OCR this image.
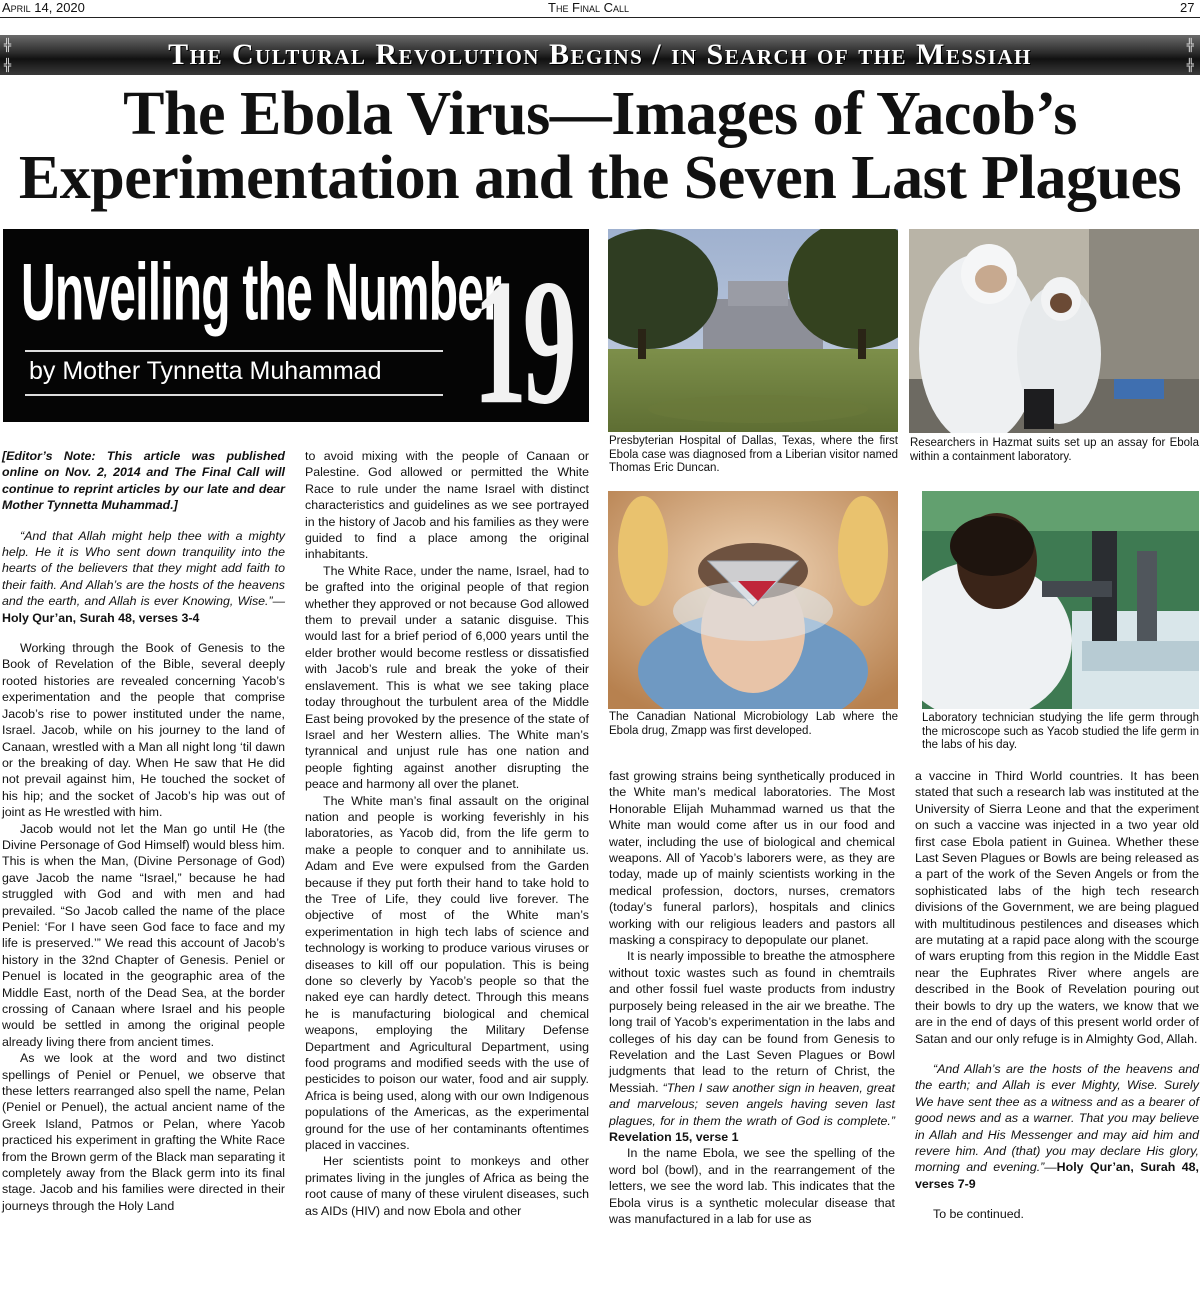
April 14, 2020	The Final Call	27
╬
╬
╬
╬
The Cultural Revolution Begins / in Search of the Messiah
The Ebola Virus—Images of Yacob’s
Experimentation and the Seven Last Plagues
Unveiling the Number
by Mother Tynnetta Muhammad 19	Presbyterian Hospital of Dallas, Texas, where the first Ebola case was diagnosed from a Liberian visitor named Thomas Eric Duncan.
Researchers in Hazmat suits set up an assay for Ebola within a containment laboratory.
The Canadian National Microbiology Lab where the Ebola drug, Zmapp was first developed.
Laboratory technician studying the life germ through the microscope such as Yacob studied the life germ in the labs of his day.

[Editor’s Note: This article was published online on Nov. 2, 2014 and The Final Call will continue to reprint articles by our late and dear Mother Tynnetta Muhammad.]

“And that Allah might help thee with a mighty help. He it is Who sent down tranquility into the hearts of the believers that they might add faith to their faith. And Allah’s are the hosts of the heavens and the earth, and Allah is ever Knowing, Wise.”—Holy Qur’an, Surah 48, verses 3-4

Working through the Book of Genesis to the Book of Revelation of the Bible, several deeply rooted histories are revealed concerning Yacob’s experimentation and the people that comprise Jacob’s rise to power instituted under the name, Israel. Jacob, while on his journey to the land of Canaan, wrestled with a Man all night long ‘til dawn or the breaking of day. When He saw that He did not prevail against him, He touched the socket of his hip; and the socket of Jacob’s hip was out of joint as He wrestled with him.

Jacob would not let the Man go until He (the Divine Personage of God Himself) would bless him. This is when the Man, (Divine Personage of God) gave Jacob the name “Israel,” because he had struggled with God and with men and had prevailed. “So Jacob called the name of the place Peniel: ‘For I have seen God face to face and my life is preserved.’” We read this account of Jacob’s history in the 32nd Chapter of Genesis. Peniel or Penuel is located in the geographic area of the Middle East, north of the Dead Sea, at the border crossing of Canaan where Israel and his people would be settled in among the original people already living there from ancient times.

As we look at the word and two distinct spellings of Peniel or Penuel, we observe that these letters rearranged also spell the name, Pelan (Peniel or Penuel), the actual ancient name of the Greek Island, Patmos or Pelan, where Yacob practiced his experiment in grafting the White Race from the Brown germ of the Black man separating it completely away from the Black germ into its final stage. Jacob and his families were directed in their journeys through the Holy Land

to avoid mixing with the people of Canaan or Palestine. God allowed or permitted the White Race to rule under the name Israel with distinct characteristics and guidelines as we see portrayed in the history of Jacob and his families as they were guided to find a place among the original inhabitants.

The White Race, under the name, Israel, had to be grafted into the original people of that region whether they approved or not because God allowed them to prevail under a satanic disguise. This would last for a brief period of 6,000 years until the elder brother would become restless or dissatisfied with Jacob’s rule and break the yoke of their enslavement. This is what we see taking place today throughout the turbulent area of the Middle East being provoked by the presence of the state of Israel and her Western allies. The White man’s tyrannical and unjust rule has one nation and people fighting against another disrupting the peace and harmony all over the planet.

The White man’s final assault on the original nation and people is working feverishly in his laboratories, as Yacob did, from the life germ to make a people to conquer and to annihilate us. Adam and Eve were expulsed from the Garden because if they put forth their hand to take hold to the Tree of Life, they could live forever. The objective of most of the White man’s experimentation in high tech labs of science and technology is working to produce various viruses or diseases to kill off our population. This is being done so cleverly by Yacob’s people so that the naked eye can hardly detect. Through this means he is manufacturing biological and chemical weapons, employing the Military Defense Department and Agricultural Department, using food programs and modified seeds with the use of pesticides to poison our water, food and air supply. Africa is being used, along with our own Indigenous populations of the Americas, as the experimental ground for the use of her contaminants oftentimes placed in vaccines.

Her scientists point to monkeys and other primates living in the jungles of Africa as being the root cause of many of these virulent diseases, such as AIDs (HIV) and now Ebola and other

fast growing strains being synthetically produced in the White man’s medical laboratories. The Most Honorable Elijah Muhammad warned us that the White man would come after us in our food and water, including the use of biological and chemical weapons. All of Yacob’s laborers were, as they are today, made up of mainly scientists working in the medical profession, doctors, nurses, cremators (today’s funeral parlors), hospitals and clinics working with our religious leaders and pastors all masking a conspiracy to depopulate our planet.

It is nearly impossible to breathe the atmosphere without toxic wastes such as found in chemtrails and other fossil fuel waste products from industry purposely being released in the air we breathe. The long trail of Yacob’s experimentation in the labs and colleges of his day can be found from Genesis to Revelation and the Last Seven Plagues or Bowl judgments that lead to the return of Christ, the Messiah. “Then I saw another sign in heaven, great and marvelous; seven angels having seven last plagues, for in them the wrath of God is complete.” Revelation 15, verse 1

In the name Ebola, we see the spelling of the word bol (bowl), and in the rearrangement of the letters, we see the word lab. This indicates that the Ebola virus is a synthetic molecular disease that was manufactured in a lab for use as

a vaccine in Third World countries. It has been stated that such a research lab was instituted at the University of Sierra Leone and that the experiment on such a vaccine was injected in a two year old first case Ebola patient in Guinea. Whether these Last Seven Plagues or Bowls are being released as a part of the work of the Seven Angels or from the sophisticated labs of the high tech research divisions of the Government, we are being plagued with multitudinous pestilences and diseases which are mutating at a rapid pace along with the scourge of wars erupting from this region in the Middle East near the Euphrates River where angels are described in the Book of Revelation pouring out their bowls to dry up the waters, we know that we are in the end of days of this present world order of Satan and our only refuge is in Almighty God, Allah.

“And Allah’s are the hosts of the heavens and the earth; and Allah is ever Mighty, Wise. Surely We have sent thee as a witness and as a bearer of good news and as a warner. That you may believe in Allah and His Messenger and may aid him and revere him. And (that) you may declare His glory, morning and evening.”—Holy Qur’an, Surah 48, verses 7-9

To be continued.
